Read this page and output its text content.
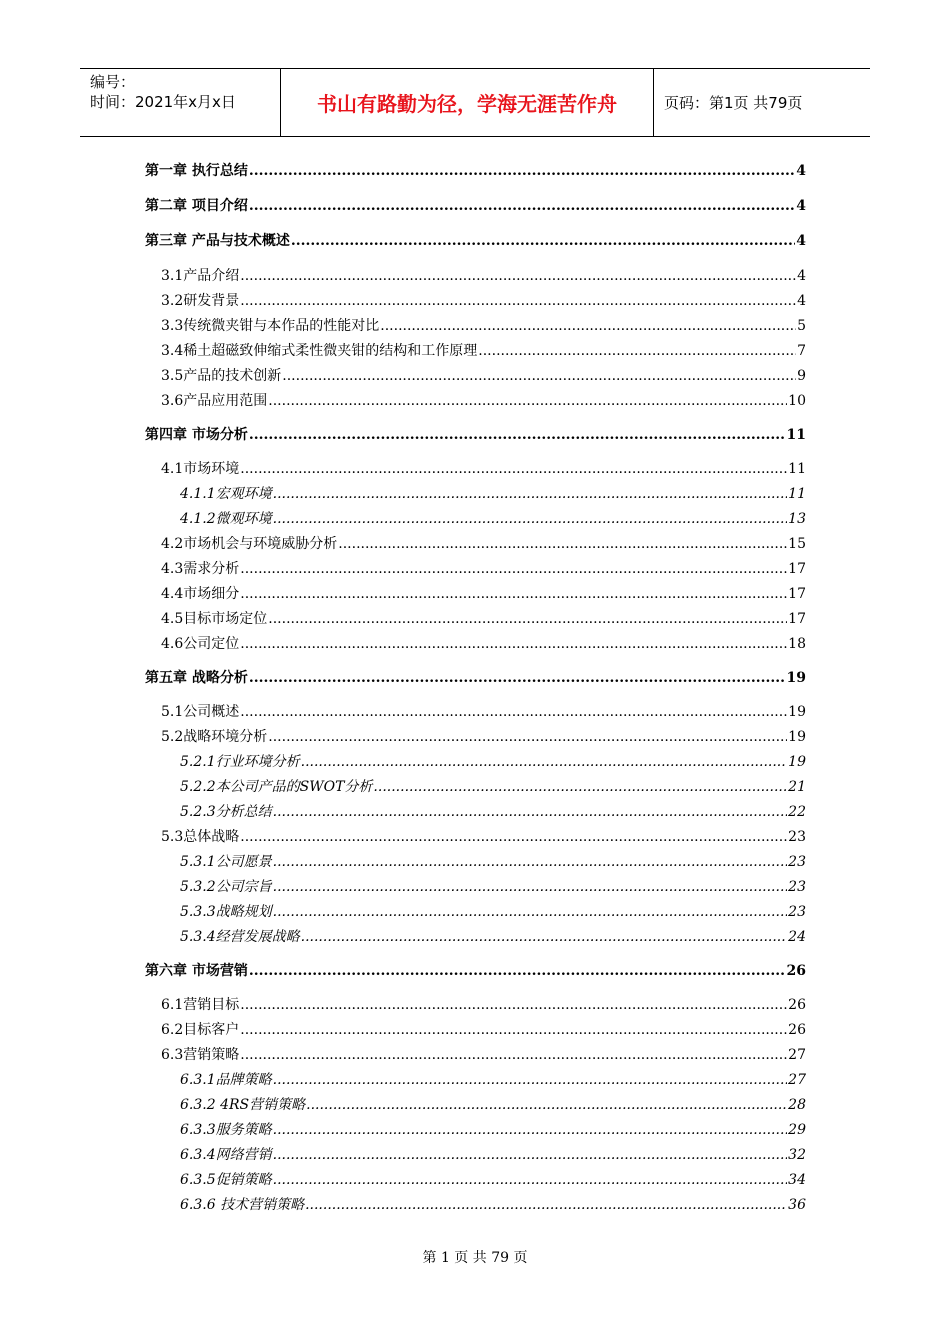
编号：
时间：2021年x月x日	书山有路勤为径，学海无涯苦作舟	页码：第1页 共79页
第一章 执行总结 .....	4
第二章 项目介绍 .....	4
第三章 产品与技术概述 .....	4
3.1产品介绍 .....	4
3.2研发背景 .....	4
3.3传统微夹钳与本作品的性能对比 .....	5
3.4稀土超磁致伸缩式柔性微夹钳的结构和工作原理 .....	7
3.5产品的技术创新 .....	9
3.6产品应用范围 .....	10
第四章 市场分析 .....	11
4.1市场环境 .....	11
4.1.1宏观环境 .....	11
4.1.2微观环境 .....	13
4.2市场机会与环境威胁分析 .....	15
4.3需求分析 .....	17
4.4市场细分 .....	17
4.5目标市场定位 .....	17
4.6公司定位 .....	18
第五章 战略分析 .....	19
5.1公司概述 .....	19
5.2战略环境分析 .....	19
5.2.1行业环境分析 .....	19
5.2.2本公司产品的SWOT分析 .....	21
5.2.3分析总结 .....	22
5.3总体战略 .....	23
5.3.1公司愿景 .....	23
5.3.2公司宗旨 .....	23
5.3.3战略规划 .....	23
5.3.4经营发展战略 .....	24
第六章 市场营销 .....	26
6.1营销目标 .....	26
6.2目标客户 .....	26
6.3营销策略 .....	27
6.3.1品牌策略 .....	27
6.3.2 4RS营销策略 .....	28
6.3.3服务策略 .....	29
6.3.4网络营销 .....	32
6.3.5促销策略 .....	34
6.3.6 技术营销策略 .....	36
第 1 页 共 79 页
